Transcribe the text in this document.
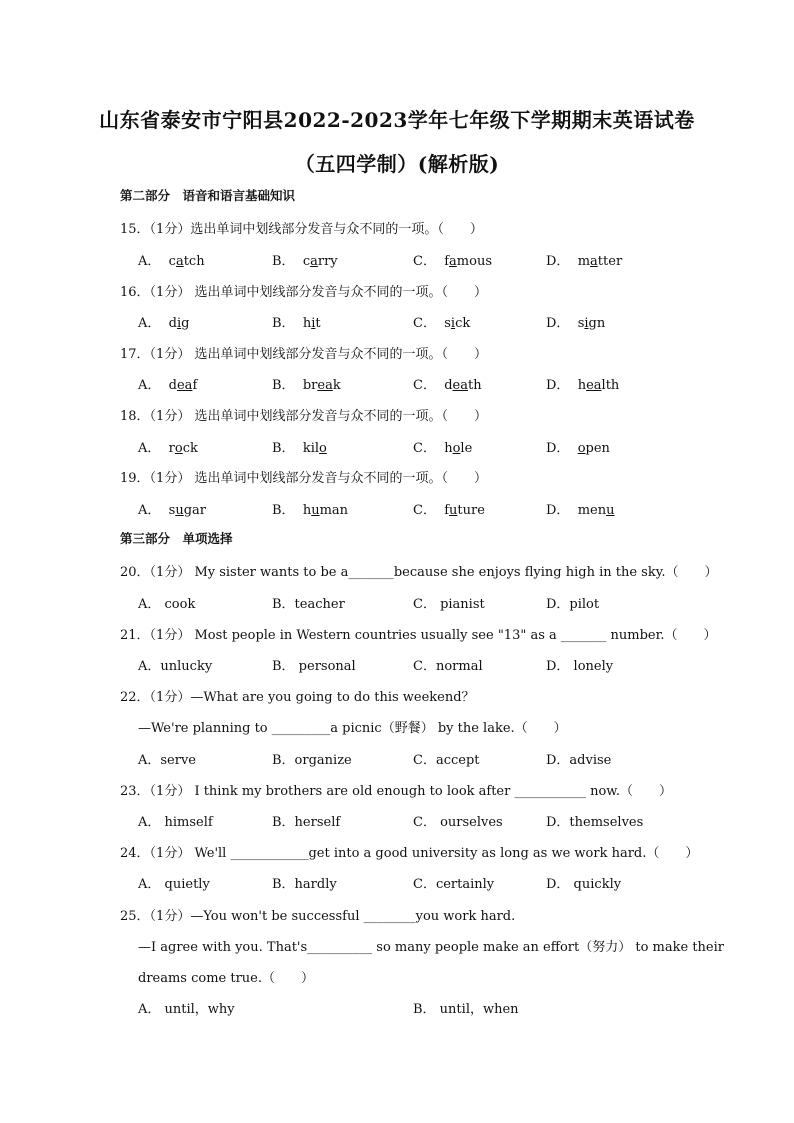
山东省泰安市宁阳县2022-2023学年七年级下学期期末英语试卷
（五四学制）(解析版)
第二部分　语音和语言基础知识
15．（1分）选出单词中划线部分发音与众不同的一项。（　　）
A． catch	B． carry	C． famous	D． matter
16．（1分） 选出单词中划线部分发音与众不同的一项。（　　）
A． dig	B． hit	C． sick	D． sign
17．（1分） 选出单词中划线部分发音与众不同的一项。（　　）
A． deaf	B． break	C． death	D． health
18．（1分） 选出单词中划线部分发音与众不同的一项。（　　）
A． rock	B． kilo	C． hole	D． open
19．（1分） 选出单词中划线部分发音与众不同的一项。（　　）
A． sugar	B． human	C． future	D． menu
第三部分　单项选择
20．（1分） My sister wants to be a_______because she enjoys flying high in the sky.（　　）
A． cook	B．teacher	C． pianist	D．pilot
21．（1分） Most people in Western countries usually see "13" as a _______ number.（　　）
A．unlucky	B． personal	C．normal	D． lonely
22．（1分）—What are you going to do this weekend？
—We're planning to _________a picnic（野餐） by the lake.（　　）
A．serve	B．organize	C．accept	D．advise
23．（1分） I think my brothers are old enough to look after ___________ now.（　　）
A． himself	B．herself	C． ourselves	D．themselves
24．（1分） We'll ____________get into a good university as long as we work hard.（　　）
A． quietly	B．hardly	C．certainly	D． quickly
25．（1分）—You won't be successful ________you work hard.
—I agree with you. That's__________ so many people make an effort（努力） to make their
dreams come true.（　　）
A． until，why	B． until，when
